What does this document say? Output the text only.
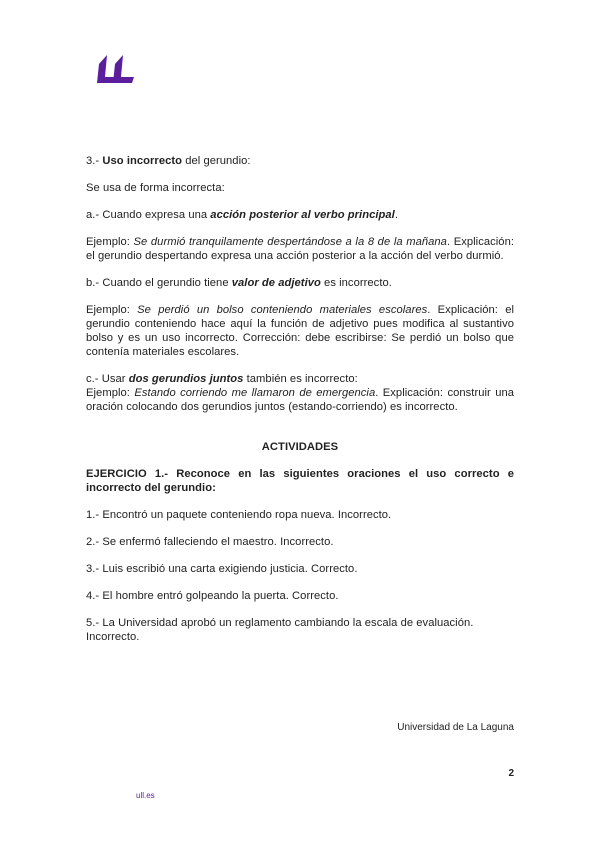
3.- Uso incorrecto del gerundio:

Se usa de forma incorrecta:

a.- Cuando expresa una acción posterior al verbo principal.

Ejemplo: Se durmió tranquilamente despertándose a la 8 de la mañana. Explicación: el gerundio despertando expresa una acción posterior a la acción del verbo durmió.

b.- Cuando el gerundio tiene valor de adjetivo es incorrecto.

Ejemplo: Se perdió un bolso conteniendo materiales escolares. Explicación: el gerundio conteniendo hace aquí la función de adjetivo pues modifica al sustantivo bolso y es un uso incorrecto. Corrección: debe escribirse: Se perdió un bolso que contenía materiales escolares.

c.- Usar dos gerundios juntos también es incorrecto:

Ejemplo: Estando corriendo me llamaron de emergencia. Explicación: construir una oración colocando dos gerundios juntos (estando-corriendo) es incorrecto.

ACTIVIDADES

EJERCICIO 1.- Reconoce en las siguientes oraciones el uso correcto e incorrecto del gerundio:

1.- Encontró un paquete conteniendo ropa nueva. Incorrecto.

2.- Se enfermó falleciendo el maestro. Incorrecto.

3.- Luis escribió una carta exigiendo justicia. Correcto.

4.- El hombre entró golpeando la puerta. Correcto.

5.- La Universidad aprobó un reglamento cambiando la escala de evaluación. Incorrecto.

Universidad de La Laguna
2
ull.es
